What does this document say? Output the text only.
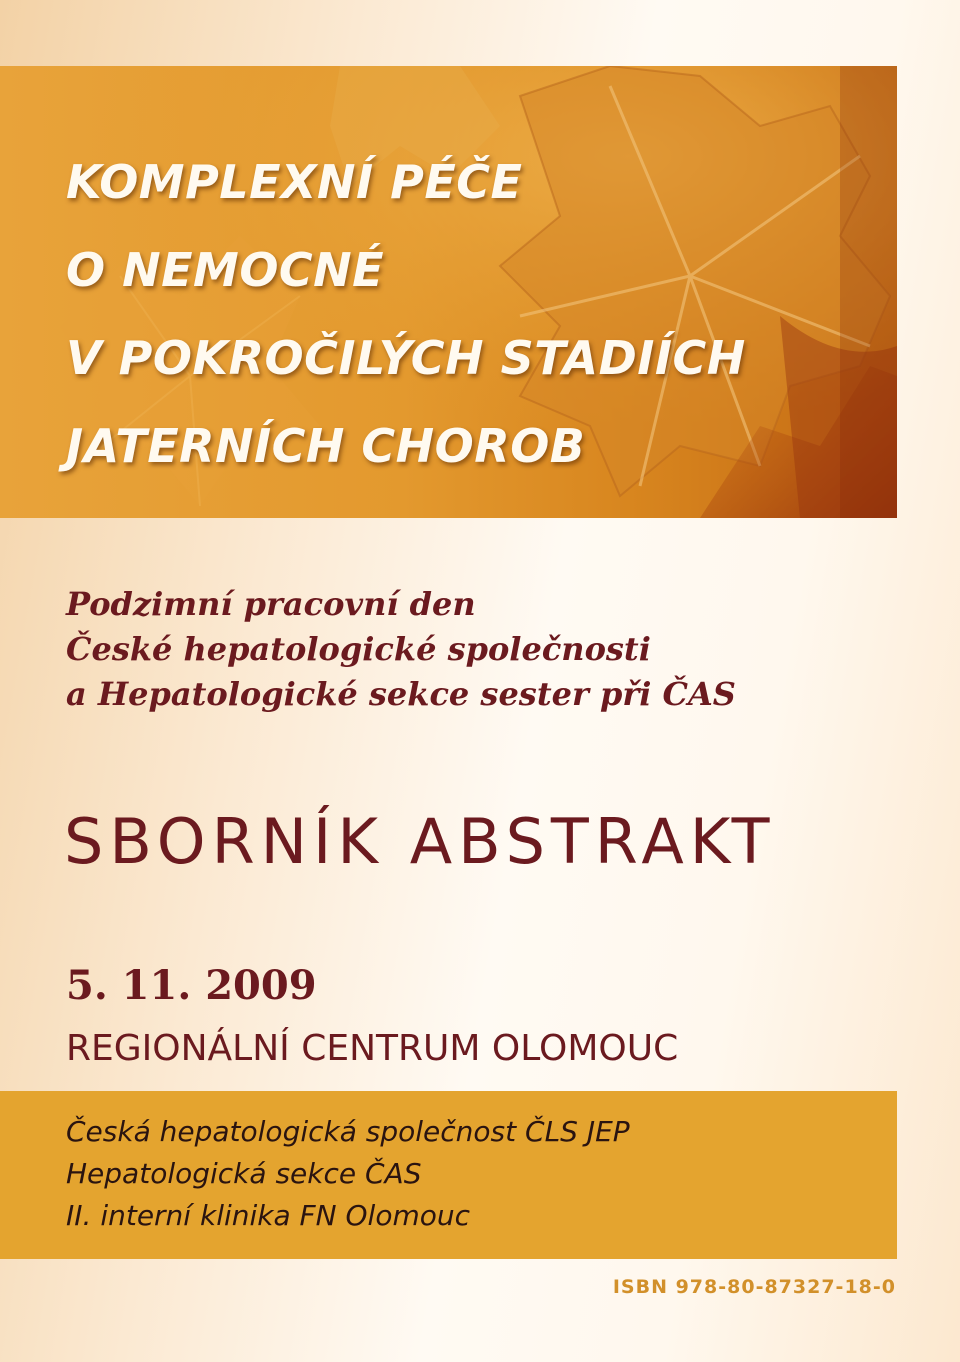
KOMPLEXNÍ PÉČE
O NEMOCNÉ
V POKROČILÝCH STADIÍCH
JATERNÍCH CHOROB
Podzimní pracovní den
České hepatologické společnosti
a Hepatologické sekce sester při ČAS
SBORNÍK ABSTRAKT
5. 11. 2009
REGIONÁLNÍ CENTRUM OLOMOUC
Česká hepatologická společnost ČLS JEP
Hepatologická sekce ČAS
II. interní klinika FN Olomouc
ISBN 978-80-87327-18-0
